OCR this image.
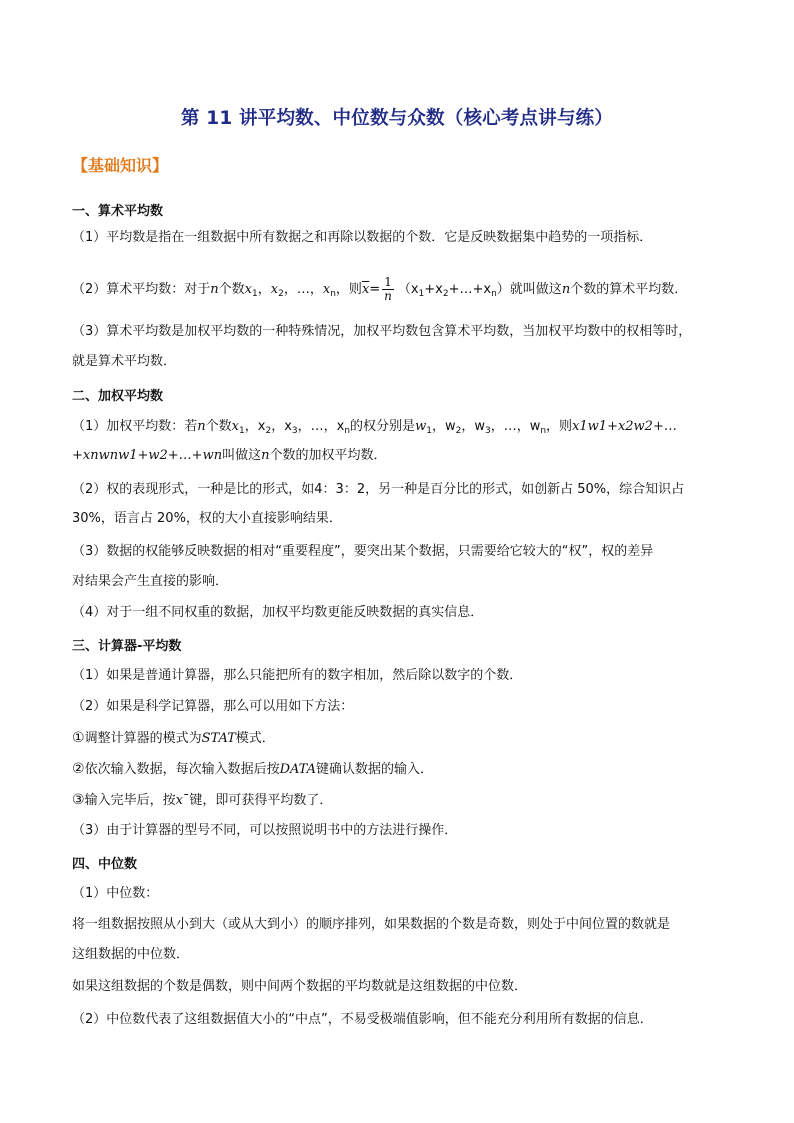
第 11 讲平均数、中位数与众数（核心考点讲与练）
【基础知识】
一、算术平均数
（1）平均数是指在一组数据中所有数据之和再除以数据的个数．它是反映数据集中趋势的一项指标．
（2）算术平均数：对于n个数$x_1$，$x_2$，…，$x_n$，则$\overline{x}= \frac{1}{n}$ $(x_1+x_2+\dots+x_n)$就叫做这n个数的算术平均数．
（3）算术平均数是加权平均数的一种特殊情况，加权平均数包含算术平均数，当加权平均数中的权相等时，
就是算术平均数．
二、加权平均数
（1）加权平均数：若n个数$x_1$，$x_2$，$x_3$，…，$x_n$的权分别是$w_1$，$w_2$，$w_3$，…，$w_n$，则x1w1+x2w2+…
+xnwnw1+w2+…+wn叫做这n个数的加权平均数．
（2）权的表现形式，一种是比的形式，如4：3：2，另一种是百分比的形式，如创新占 50%，综合知识占
30%，语言占 20%，权的大小直接影响结果．
（3）数据的权能够反映数据的相对“重要程度”，要突出某个数据，只需要给它较大的“权”，权的差异
对结果会产生直接的影响．
（4）对于一组不同权重的数据，加权平均数更能反映数据的真实信息．
三、计算器-平均数
（1）如果是普通计算器，那么只能把所有的数字相加，然后除以数字的个数．
（2）如果是科学记算器，那么可以用如下方法：
①调整计算器的模式为STAT模式．
②依次输入数据，每次输入数据后按DATA键确认数据的输入．
③输入完毕后，按x¯键，即可获得平均数了．
（3）由于计算器的型号不同，可以按照说明书中的方法进行操作．
四、中位数
（1）中位数：
将一组数据按照从小到大（或从大到小）的顺序排列，如果数据的个数是奇数，则处于中间位置的数就是
这组数据的中位数．
如果这组数据的个数是偶数，则中间两个数据的平均数就是这组数据的中位数．
（2）中位数代表了这组数据值大小的“中点”，不易受极端值影响，但不能充分利用所有数据的信息．
